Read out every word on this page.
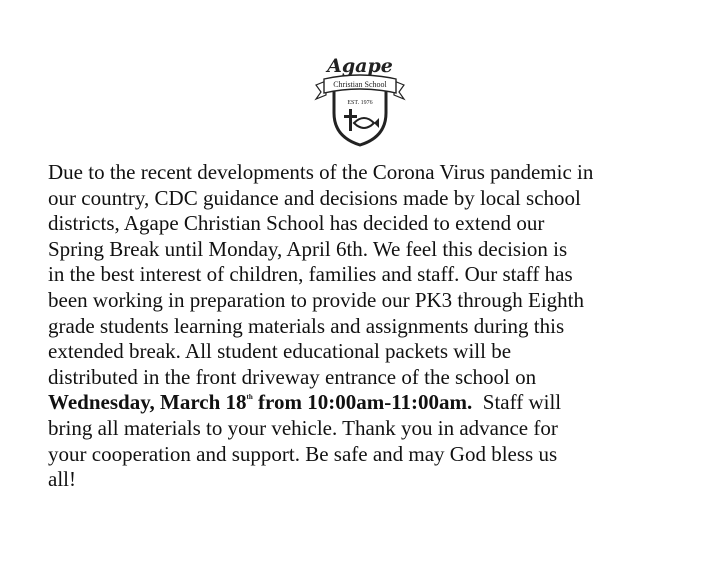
Christian School
Agape
EST. 1976
Due to the recent developments of the Corona Virus pandemic in
our country, CDC guidance and decisions made by local school
districts, Agape Christian School has decided to extend our
Spring Break until Monday, April 6th. We feel this decision is
in the best interest of children, families and staff. Our staff has
been working in preparation to provide our PK3 through Eighth
grade students learning materials and assignments during this
extended break. All student educational packets will be
distributed in the front driveway entrance of the school on
Wednesday, March 18th from 10:00am-11:00am.  Staff will
bring all materials to your vehicle. Thank you in advance for
your cooperation and support. Be safe and may God bless us
all!
